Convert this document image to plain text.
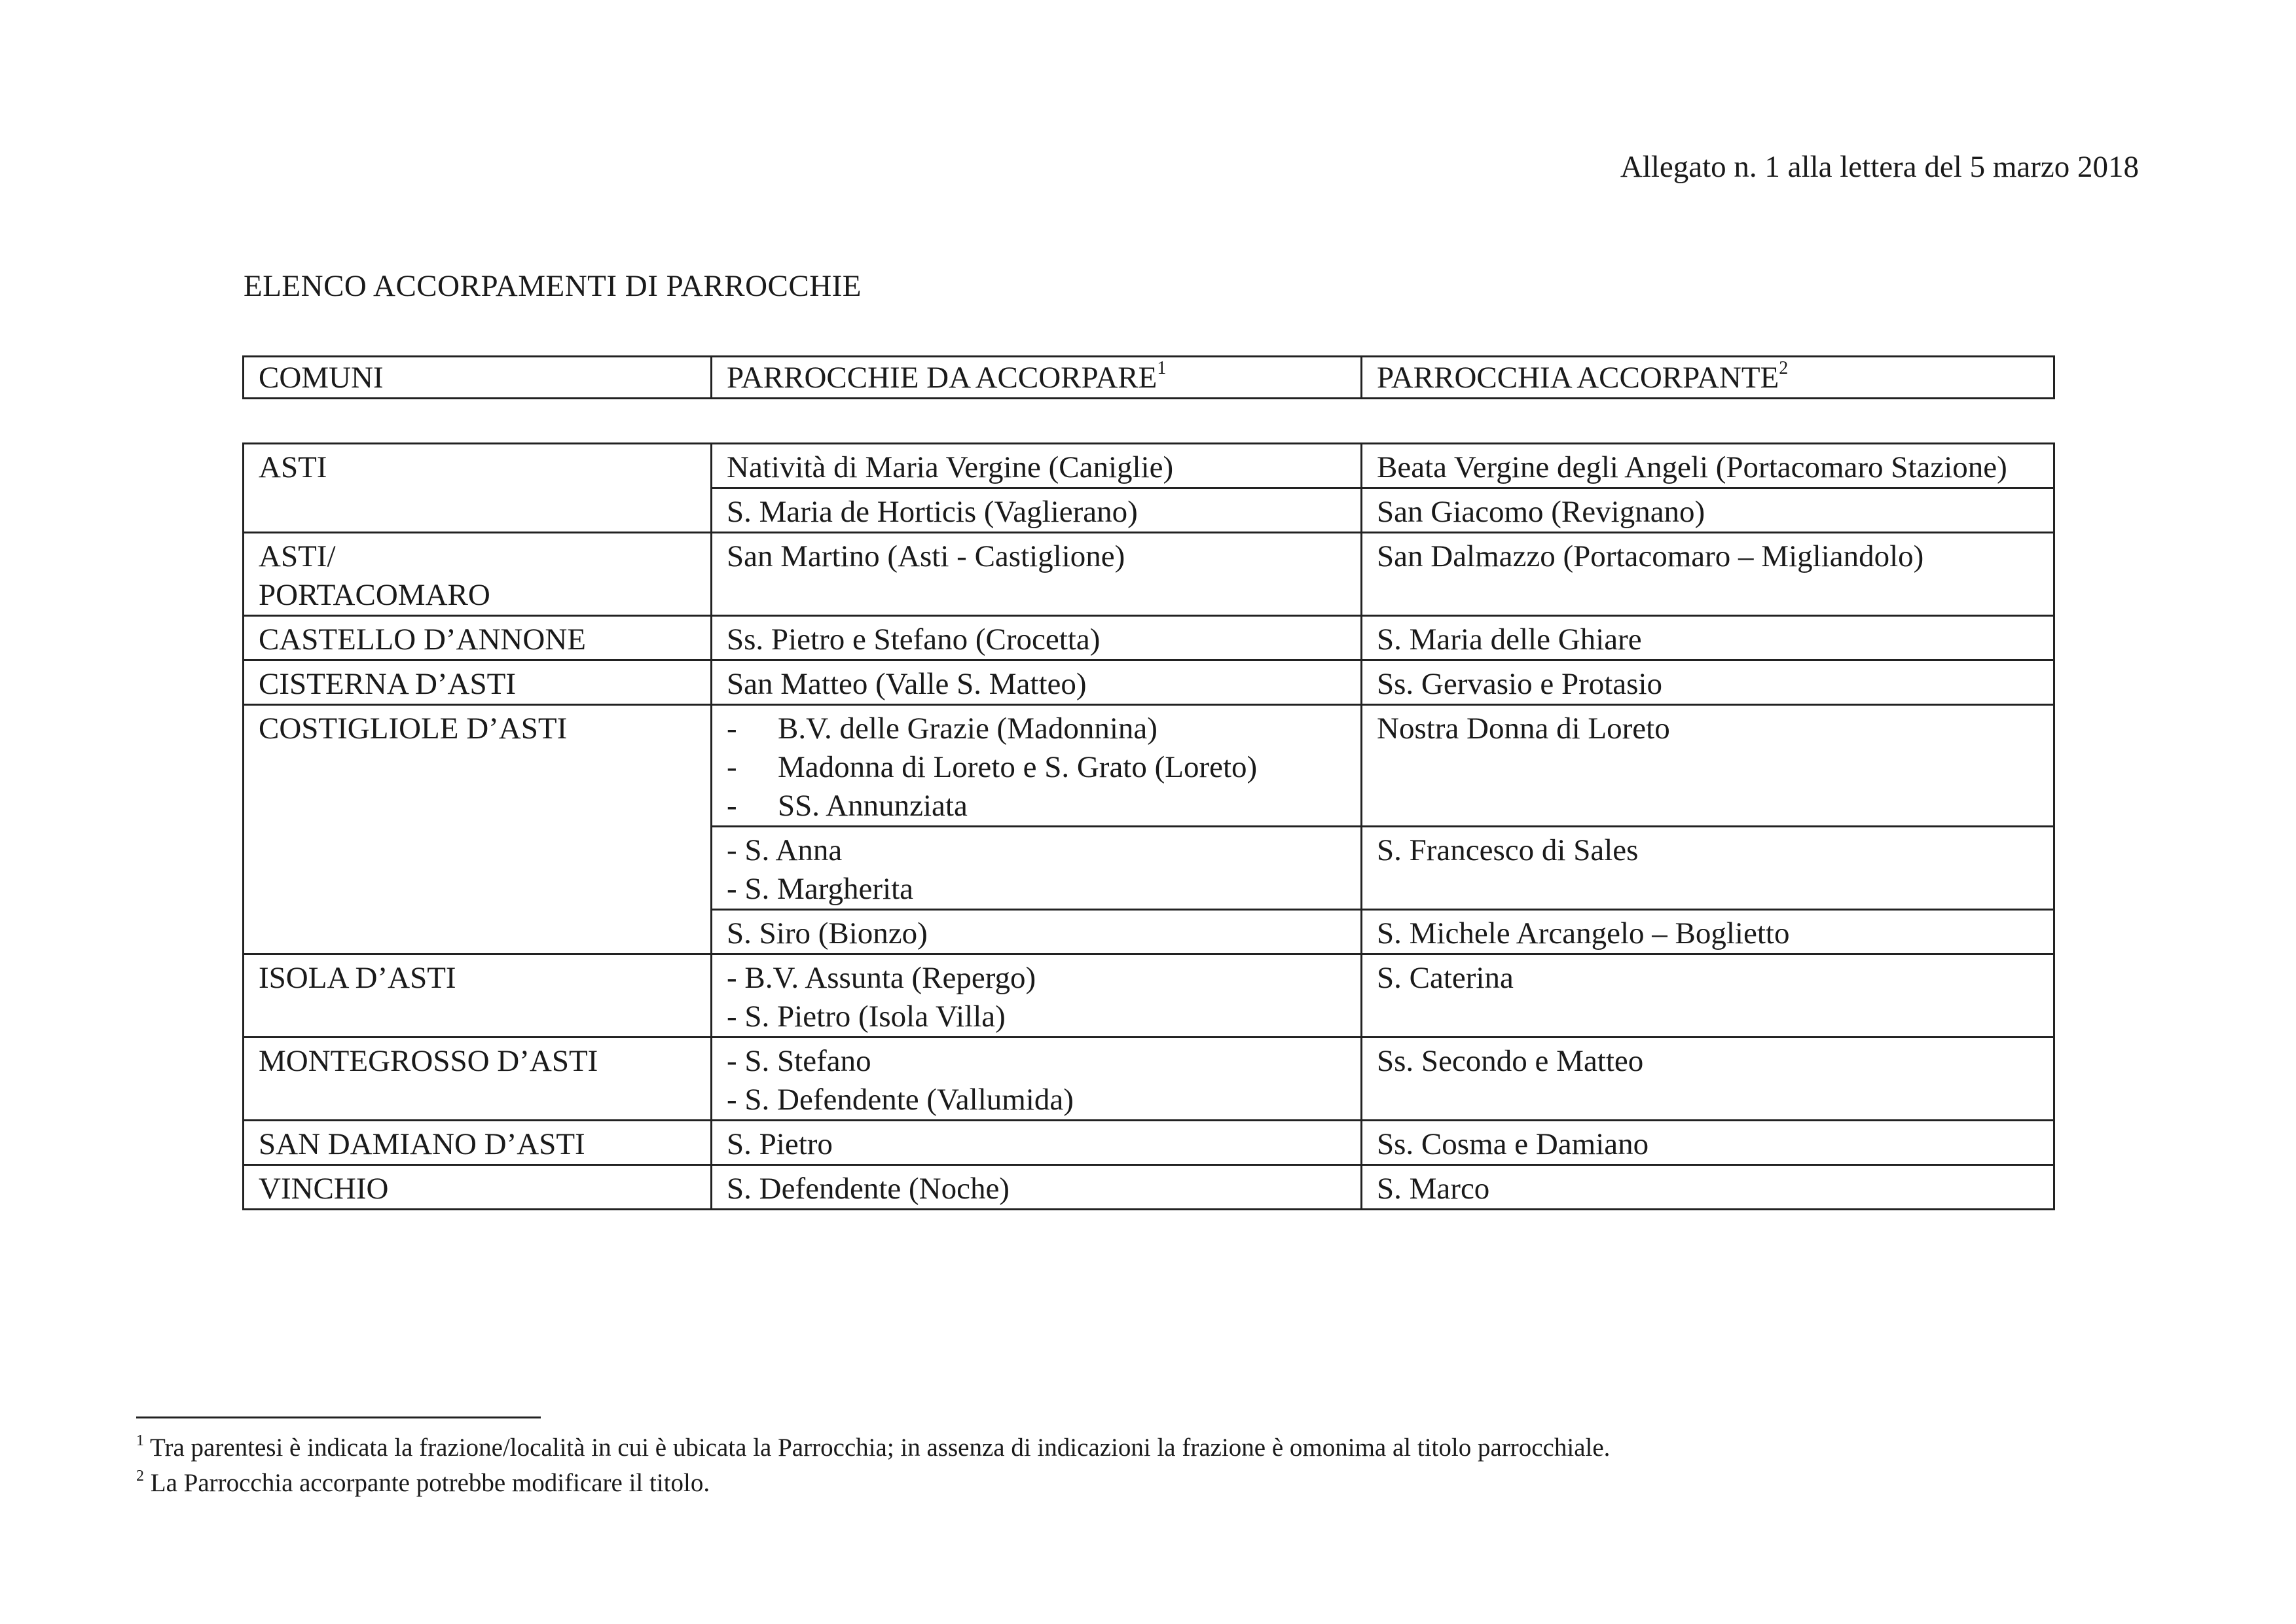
Allegato n. 1 alla lettera del 5 marzo 2018
ELENCO ACCORPAMENTI DI PARROCCHIE
COMUNI	PARROCCHIE DA ACCORPARE$^1$	PARROCCHIA ACCORPANTE$^2$
ASTI	Natività di Maria Vergine (Caniglie)	Beata Vergine degli Angeli (Portacomaro Stazione)
	S. Maria de Horticis (Vaglierano)	San Giacomo (Revignano)

ASTI/
PORTACOMARO	San Martino (Asti - Castiglione)	San Dalmazzo (Portacomaro – Migliandolo)
CASTELLO D’ANNONE	Ss. Pietro e Stefano (Crocetta)	S. Maria delle Ghiare
CISTERNA D’ASTI	San Matteo (Valle S. Matteo)	Ss. Gervasio e Protasio
COSTIGLIOLE D’ASTI	- B.V. delle Grazie (Madonnina)
- Madonna di Loreto e S. Grato (Loreto)
- SS. Annunziata	Nostra Donna di Loreto

	- S. Anna
- S. Margherita	S. Francesco di Sales
	S. Siro (Bionzo)	S. Michele Arcangelo – Boglietto
ISOLA D’ASTI	- B.V. Assunta (Repergo)
- S. Pietro (Isola Villa)	S. Caterina
MONTEGROSSO D’ASTI	- S. Stefano
- S. Defendente (Vallumida)	Ss. Secondo e Matteo
SAN DAMIANO D’ASTI	S. Pietro	Ss. Cosma e Damiano
VINCHIO	S. Defendente (Noche)	S. Marco
$^1$ Tra parentesi è indicata la frazione/località in cui è ubicata la Parrocchia; in assenza di indicazioni la frazione è omonima al titolo parrocchiale.
$^2$ La Parrocchia accorpante potrebbe modificare il titolo.
